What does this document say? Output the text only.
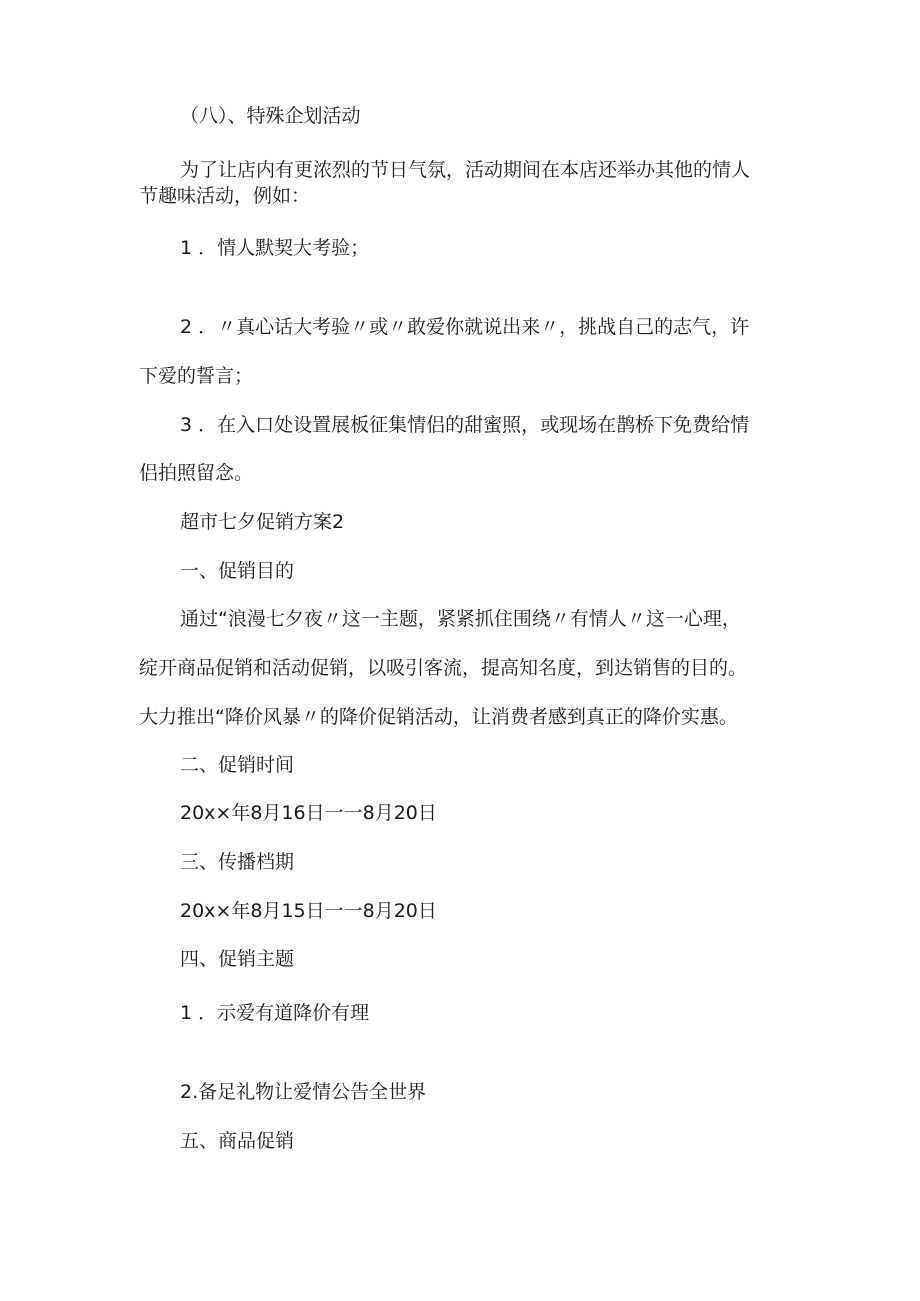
（八）、特殊企划活动

为了让店内有更浓烈的节日气氛，活动期间在本店还举办其他的情人

节趣味活动，例如：

1 ．情人默契大考验；

2 ．〃真心话大考验〃或〃敢爱你就说出来〃，挑战自己的志气，许

下爱的誓言；

3 ．在入口处设置展板征集情侣的甜蜜照，或现场在鹊桥下免费给情

侣拍照留念。

超市七夕促销方案2

一、促销目的

通过“浪漫七夕夜〃这一主题，紧紧抓住围绕〃有情人〃这一心理，

绽开商品促销和活动促销，以吸引客流，提高知名度，到达销售的目的。

大力推出“降价风暴〃的降价促销活动，让消费者感到真正的降价实惠。

二、促销时间

20x×年8月16日一一8月20日

三、传播档期

20x×年8月15日一一8月20日

四、促销主题

1 ．示爱有道降价有理

2.备足礼物让爱情公告全世界

五、商品促销
